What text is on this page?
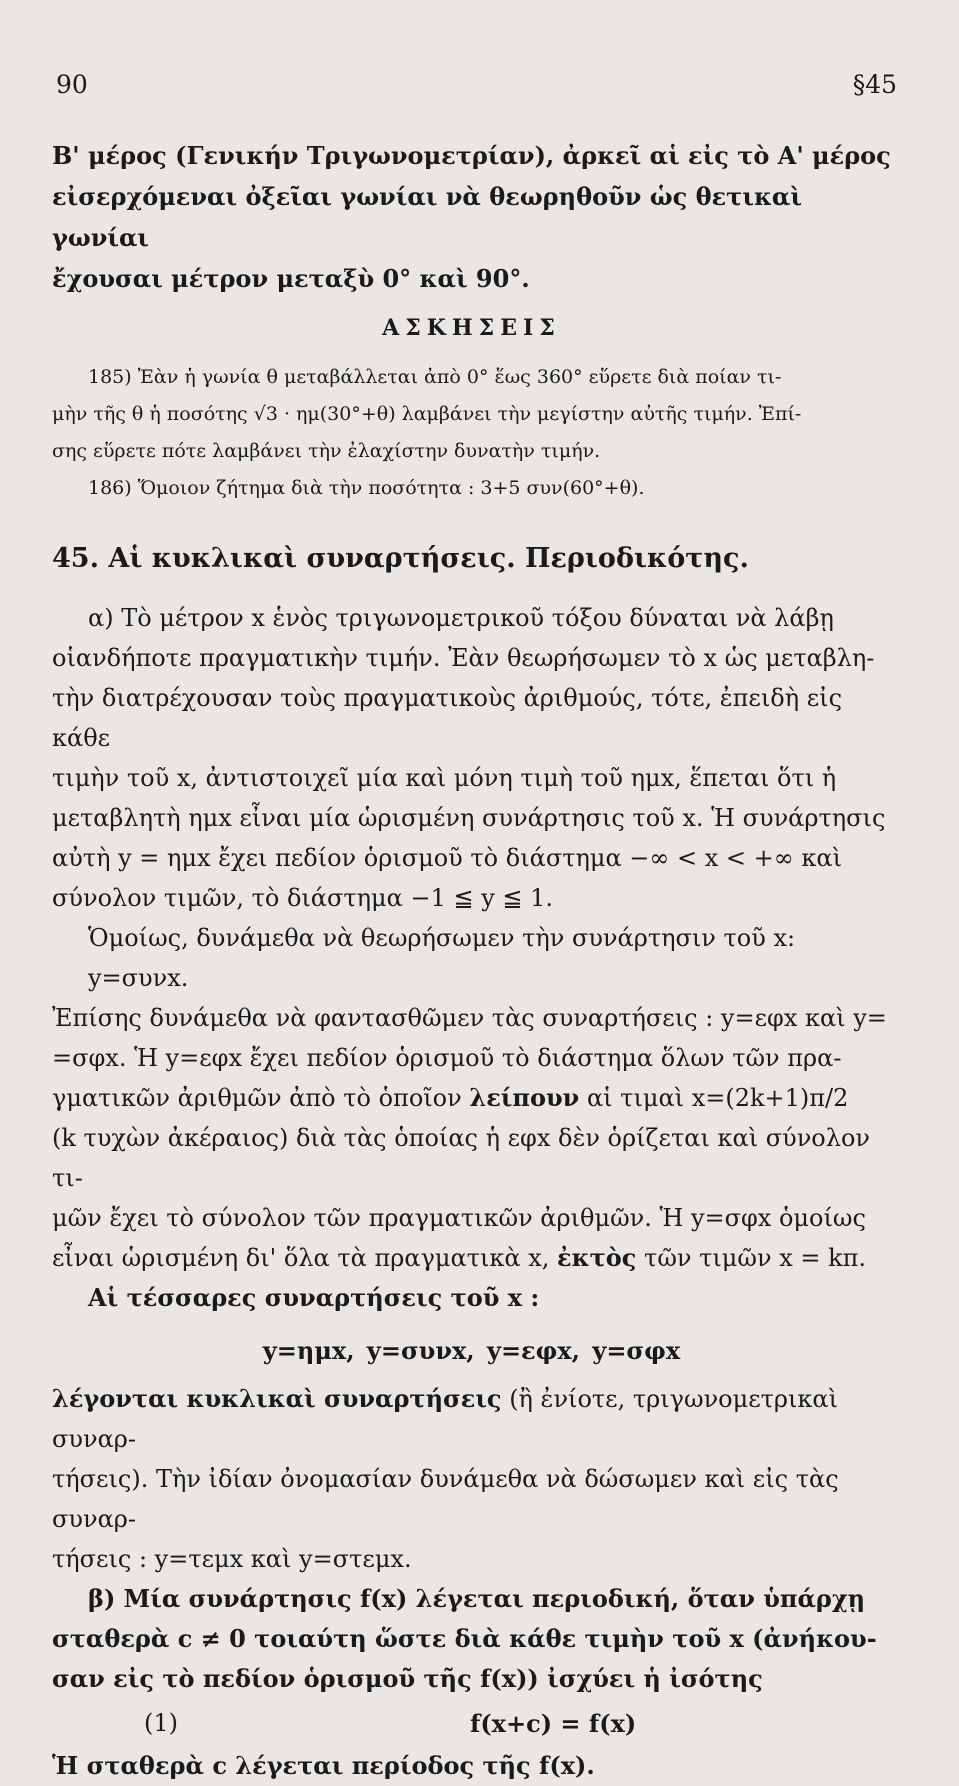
90	§45
Β' μέρος (Γενικήν Τριγωνομετρίαν), ἀρκεῖ αἱ εἰς τὸ Α' μέρος
εἰσερχόμεναι ὀξεῖαι γωνίαι νὰ θεωρηθοῦν ὡς θετικαὶ γωνίαι
ἔχουσαι μέτρον μεταξὺ 0° καὶ 90°.
ΑΣΚΗΣΕΙΣ
185) Ἐὰν ἡ γωνία θ μεταβάλλεται ἀπὸ 0° ἕως 360° εὕρετε διὰ ποίαν τι-
μὴν τῆς θ ἡ ποσότης √3 · ημ(30°+θ) λαμβάνει τὴν μεγίστην αὐτῆς τιμήν. Ἐπί-
σης εὕρετε πότε λαμβάνει τὴν ἐλαχίστην δυνατὴν τιμήν.
186) Ὅμοιον ζήτημα διὰ τὴν ποσότητα : 3+5 συν(60°+θ).
45. Αἱ κυκλικαὶ συναρτήσεις. Περιοδικότης.
α) Τὸ μέτρον x ἑνὸς τριγωνομετρικοῦ τόξου δύναται νὰ λάβῃ
οἱανδήποτε πραγματικὴν τιμήν. Ἐὰν θεωρήσωμεν τὸ x ὡς μεταβλη-
τὴν διατρέχουσαν τοὺς πραγματικοὺς ἀριθμούς, τότε, ἐπειδὴ εἰς κάθε
τιμὴν τοῦ x, ἀντιστοιχεῖ μία καὶ μόνη τιμὴ τοῦ ημx, ἕπεται ὅτι ἡ
μεταβλητὴ ημx εἶναι μία ὡρισμένη συνάρτησις τοῦ x. Ἡ συνάρτησις
αὐτὴ y = ημx ἔχει πεδίον ὁρισμοῦ τὸ διάστημα −∞ < x < +∞ καὶ
σύνολον τιμῶν, τὸ διάστημα −1 ≦ y ≦ 1.
Ὁμοίως, δυνάμεθα νὰ θεωρήσωμεν τὴν συνάρτησιν τοῦ x: y=συνx.
Ἐπίσης δυνάμεθα νὰ φαντασθῶμεν τὰς συναρτήσεις : y=εφx καὶ y=
=σφx. Ἡ y=εφx ἔχει πεδίον ὁρισμοῦ τὸ διάστημα ὅλων τῶν πρα-
γματικῶν ἀριθμῶν ἀπὸ τὸ ὁποῖον λείπουν αἱ τιμαὶ x=(2k+1)π/2
(k τυχὼν ἀκέραιος) διὰ τὰς ὁποίας ἡ εφx δὲν ὁρίζεται καὶ σύνολον τι-
μῶν ἔχει τὸ σύνολον τῶν πραγματικῶν ἀριθμῶν. Ἡ y=σφx ὁμοίως
εἶναι ὡρισμένη δι' ὅλα τὰ πραγματικὰ x, ἐκτὸς τῶν τιμῶν x = kπ.
Αἱ τέσσαρες συναρτήσεις τοῦ x :
y=ημx, y=συνx, y=εφx, y=σφx
λέγονται κυκλικαὶ συναρτήσεις (ἢ ἐνίοτε, τριγωνομετρικαὶ συναρ-
τήσεις). Τὴν ἰδίαν ὀνομασίαν δυνάμεθα νὰ δώσωμεν καὶ εἰς τὰς συναρ-
τήσεις : y=τεμx καὶ y=στεμx.
β) Μία συνάρτησις f(x) λέγεται περιοδική, ὅταν ὑπάρχῃ
σταθερὰ c ≠ 0 τοιαύτη ὥστε διὰ κάθε τιμὴν τοῦ x (ἀνήκου-
σαν εἰς τὸ πεδίον ὁρισμοῦ τῆς f(x)) ἰσχύει ἡ ἰσότης
(1)	f(x+c) = f(x)
Ἡ σταθερὰ c λέγεται περίοδος τῆς f(x).
